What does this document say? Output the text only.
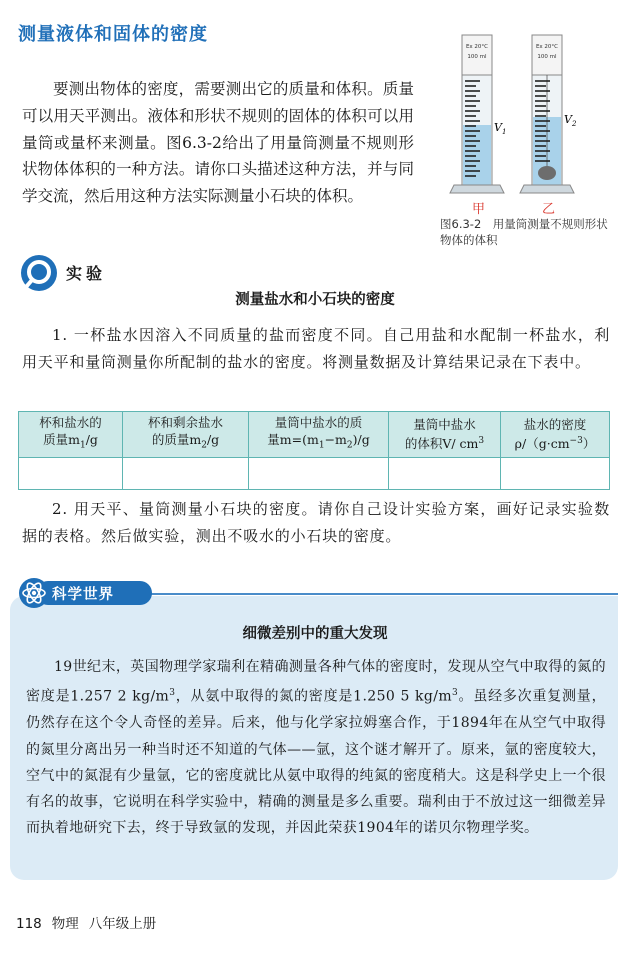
测量液体和固体的密度

要测出物体的密度，需要测出它的质量和体积。质量可以用天平测出。液体和形状不规则的固体的体积可以用量筒或量杯来测量。图6.3-2给出了用量筒测量不规则形状物体体积的一种方法。请你口头描述这种方法，并与同学交流，然后用这种方法实际测量小石块的体积。

Ex 20°C
100 ml
$V_1$
甲
Ex 20°C
100 ml
$V_2$
乙
图6.3-2　用量筒测量不规则形状物体的体积
实验
测量盐水和小石块的密度

1. 一杯盐水因溶入不同质量的盐而密度不同。自己用盐和水配制一杯盐水，利用天平和量筒测量你所配制的盐水的密度。将测量数据及计算结果记录在下表中。

杯和盐水的
质量$m_1/g$	杯和剩余盐水
的质量$m_2/g$	量筒中盐水的质
量$m=(m_1-m_2)/g$	量筒中盐水
的体积V/ $cm^3$	盐水的密度
$\rho/(g\cdot cm^{-3})$

2. 用天平、量筒测量小石块的密度。请你自己设计实验方案，画好记录实验数据的表格。然后做实验，测出不吸水的小石块的密度。

科学世界
细微差别中的重大发现

19世纪末，英国物理学家瑞利在精确测量各种气体的密度时，发现从空气中取得的氮的密度是1.257 2 $kg/m^3$，从氨中取得的氮的密度是1.250 5 $kg/m^3$。虽经多次重复测量，仍然存在这个令人奇怪的差异。后来，他与化学家拉姆塞合作，于1894年在从空气中取得的氮里分离出另一种当时还不知道的气体——氩，这个谜才解开了。原来，氩的密度较大，空气中的氮混有少量氩，它的密度就比从氨中取得的纯氮的密度稍大。这是科学史上一个很有名的故事，它说明在科学实验中，精确的测量是多么重要。瑞利由于不放过这一细微差异而执着地研究下去，终于导致氩的发现，并因此荣获1904年的诺贝尔物理学奖。

118 物理 八年级上册
